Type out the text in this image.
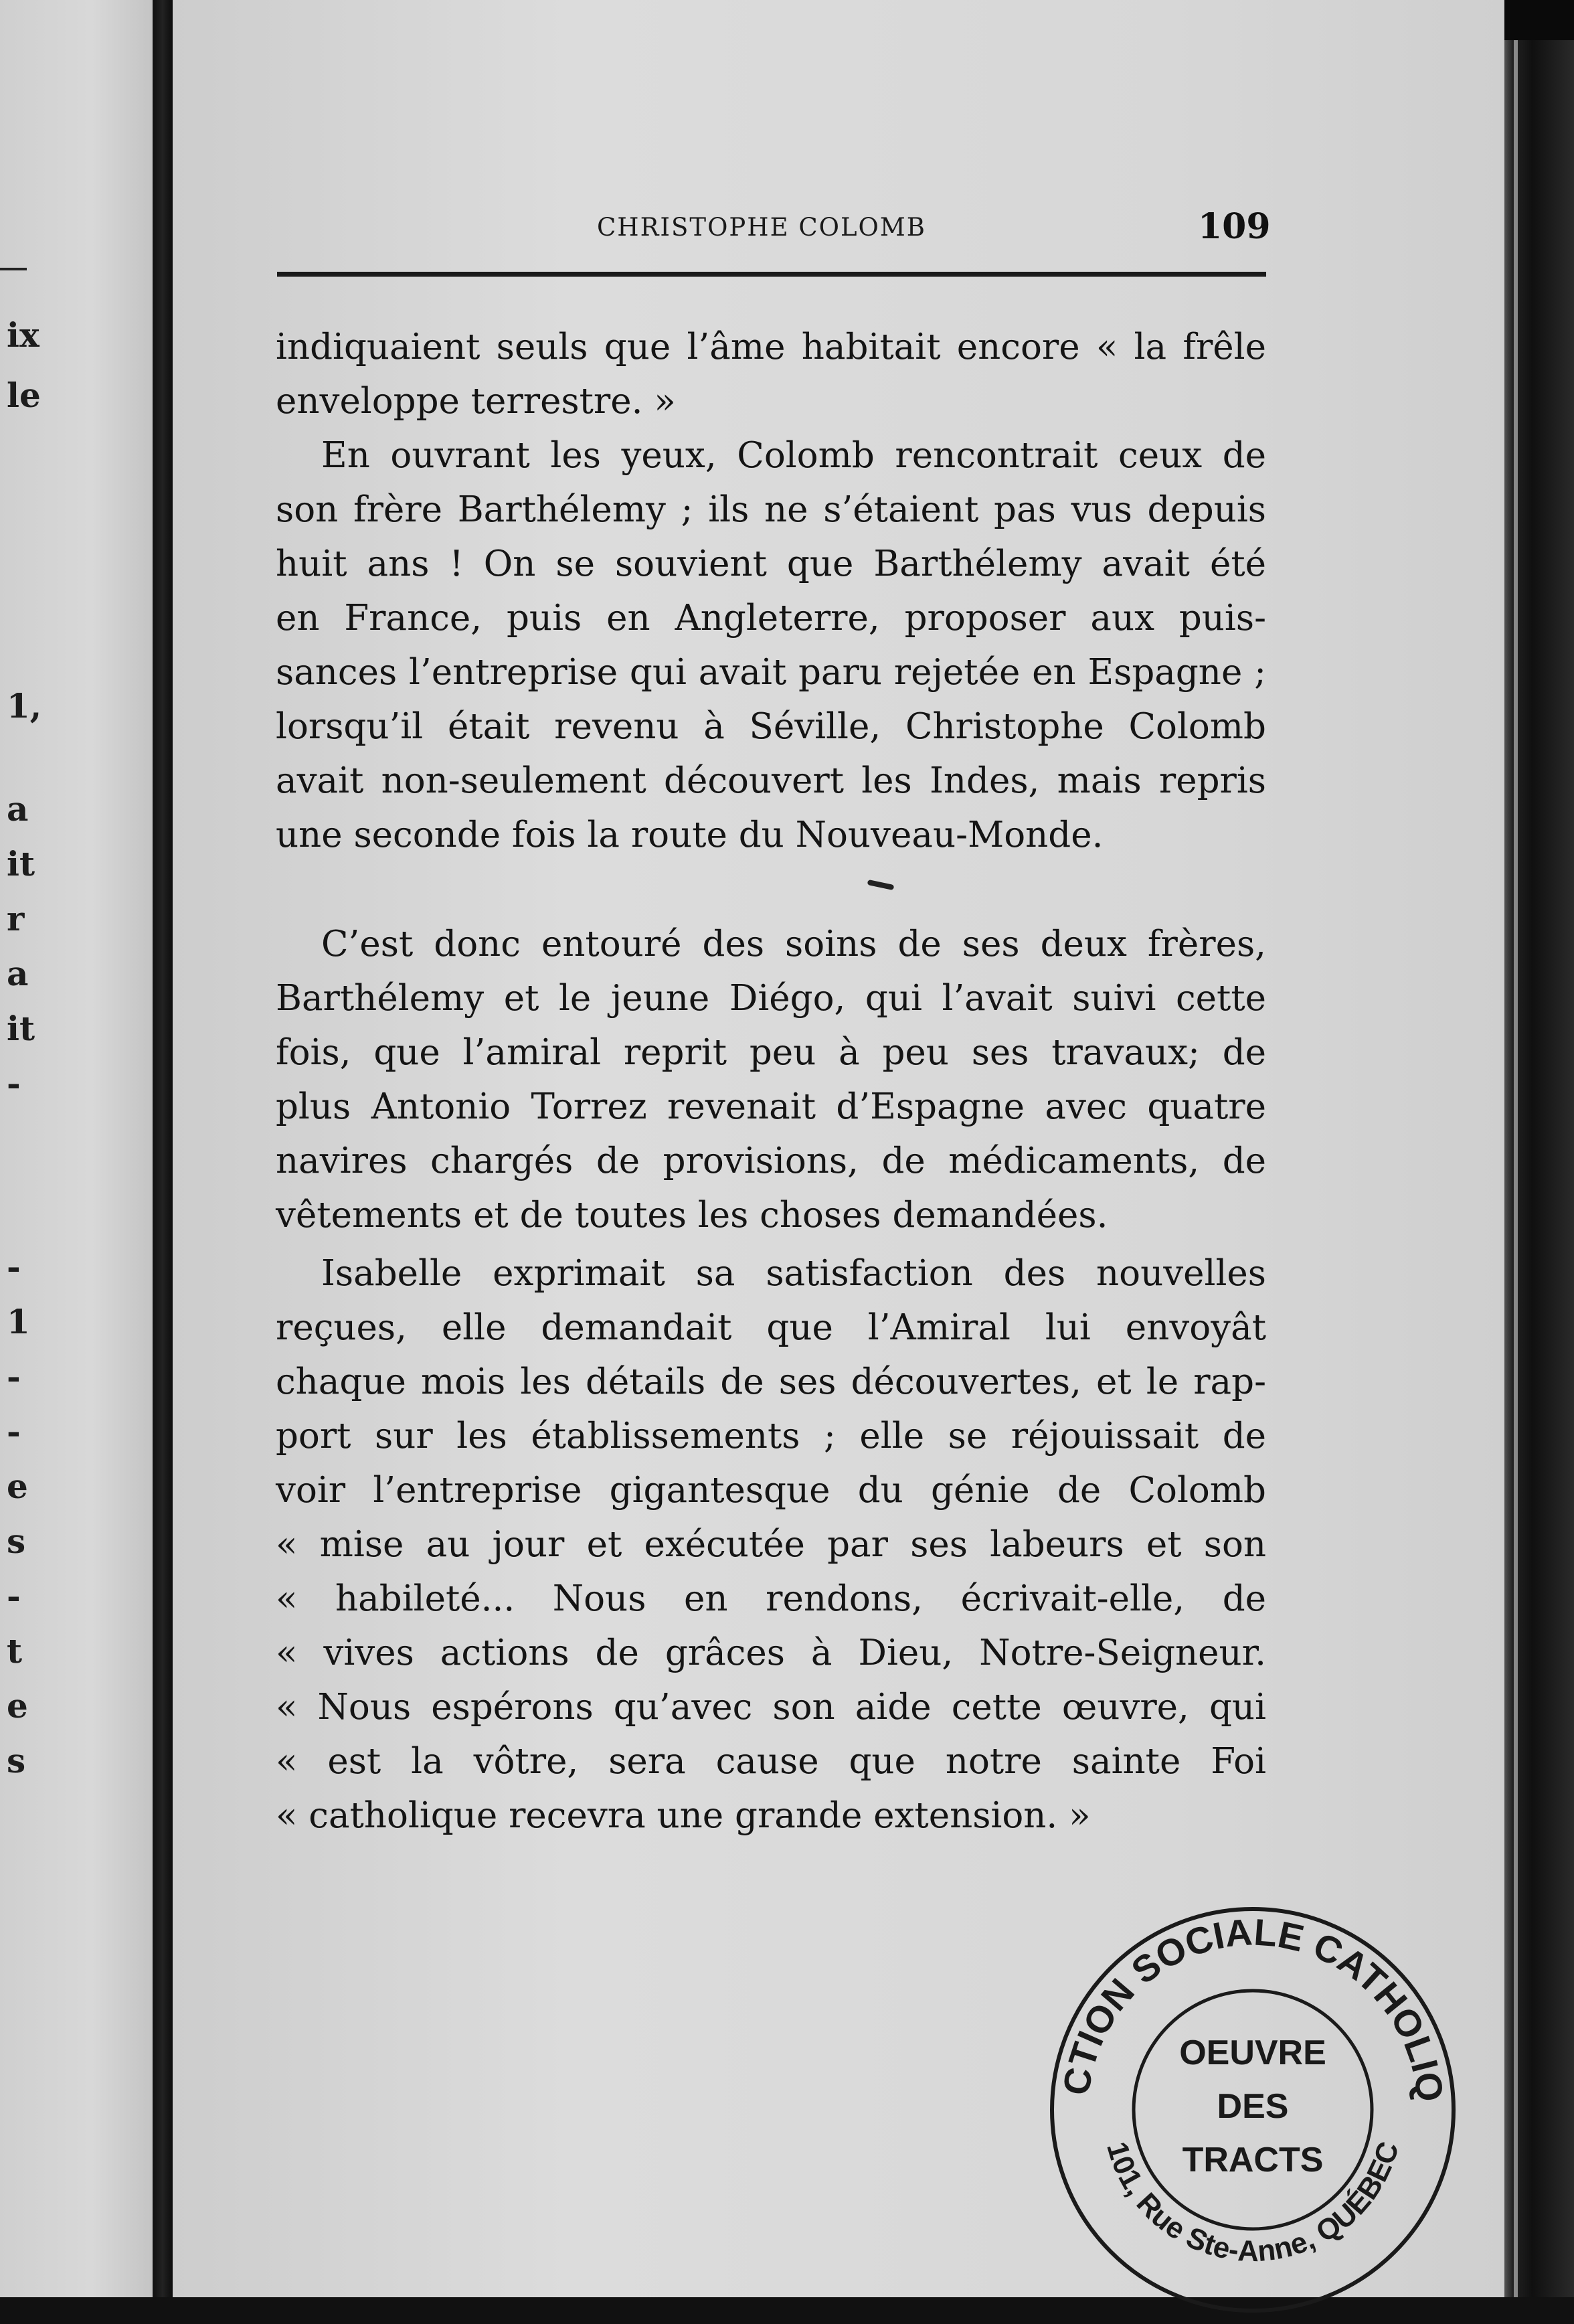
ix
le
1,
a
it
r
a
it
-
-
1
-
-
e
s
-
t
e
s
CHRISTOPHE COLOMB	109
indiquaient seuls que l’âme habitait encore « la frêle
enveloppe terrestre. »
En ouvrant les yeux, Colomb rencontrait ceux de
son frère Barthélemy ; ils ne s’étaient pas vus depuis
huit ans ! On se souvient que Barthélemy avait été
en France, puis en Angleterre, proposer aux puis-
sances l’entreprise qui avait paru rejetée en Espagne ;
lorsqu’il était revenu à Séville, Christophe Colomb
avait non-seulement découvert les Indes, mais repris
une seconde fois la route du Nouveau-Monde.
C’est donc entouré des soins de ses deux frères,
Barthélemy et le jeune Diégo, qui l’avait suivi cette
fois, que l’amiral reprit peu à peu ses travaux; de
plus Antonio Torrez revenait d’Espagne avec quatre
navires chargés de provisions, de médicaments, de
vêtements et de toutes les choses demandées.
Isabelle exprimait sa satisfaction des nouvelles
reçues, elle demandait que l’Amiral lui envoyât
chaque mois les détails de ses découvertes, et le rap-
port sur les établissements ; elle se réjouissait de
voir l’entreprise gigantesque du génie de Colomb
« mise au jour et exécutée par ses labeurs et son
« habileté... Nous en rendons, écrivait-elle, de
« vives actions de grâces à Dieu, Notre-Seigneur.
« Nous espérons qu’avec son aide cette œuvre, qui
« est la vôtre, sera cause que notre sainte Foi
« catholique recevra une grande extension. »
CTION SOCIALE CATHOLIQ
101, Rue Ste-Anne, QUÉBEC
OEUVRE
DES
TRACTS
